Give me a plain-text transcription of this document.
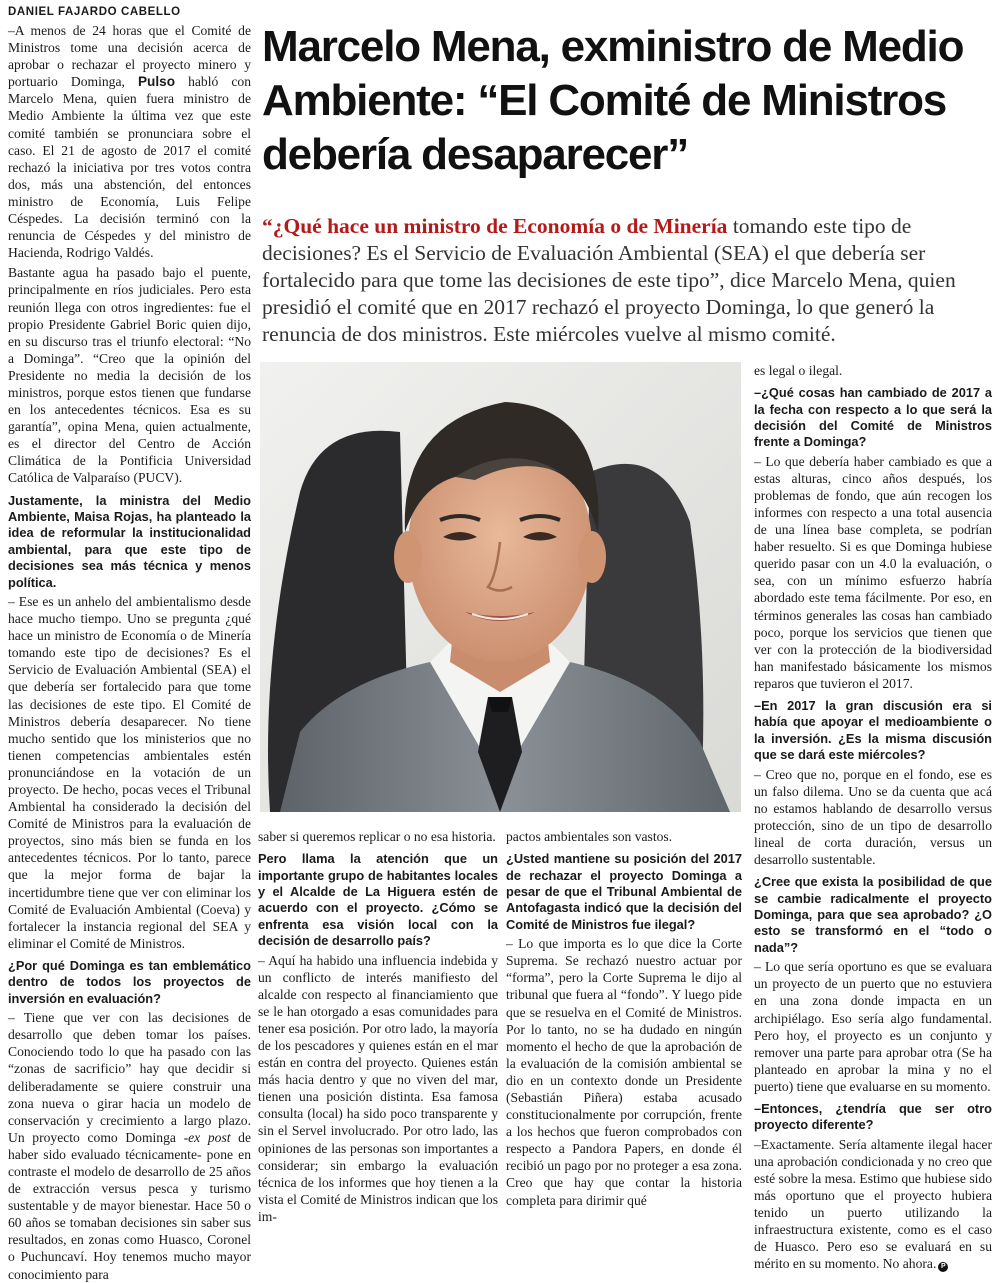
DANIEL FAJARDO CABELLO
Marcelo Mena, exministro de Medio Ambiente: “El Comité de Ministros debería desaparecer”

“¿Qué hace un ministro de Economía o de Minería tomando este tipo de decisiones? Es el Servicio de Evaluación Ambiental (SEA) el que debería ser fortalecido para que tome las decisiones de este tipo”, dice Marcelo Mena, quien presidió el comité que en 2017 rechazó el proyecto Dominga, lo que generó la renuncia de dos ministros. Este miércoles vuelve al mismo comité.

–A menos de 24 horas que el Comité de Ministros tome una decisión acerca de aprobar o rechazar el proyecto minero y portuario Dominga, Pulso habló con Marcelo Mena, quien fuera ministro de Medio Ambiente la última vez que este comité también se pronunciara sobre el caso. El 21 de agosto de 2017 el comité rechazó la iniciativa por tres votos contra dos, más una abstención, del entonces ministro de Economía, Luis Felipe Céspedes. La decisión terminó con la renuncia de Céspedes y del ministro de Hacienda, Rodrigo Valdés.

Bastante agua ha pasado bajo el puente, principalmente en ríos judiciales. Pero esta reunión llega con otros ingredientes: fue el propio Presidente Gabriel Boric quien dijo, en su discurso tras el triunfo electoral: “No a Dominga”. “Creo que la opinión del Presidente no media la decisión de los ministros, porque estos tienen que fundarse en los antecedentes técnicos. Esa es su garantía”, opina Mena, quien actualmente, es el director del Centro de Acción Climática de la Pontificia Universidad Católica de Valparaíso (PUCV).

Justamente, la ministra del Medio Ambiente, Maisa Rojas, ha planteado la idea de reformular la institucionalidad ambiental, para que este tipo de decisiones sea más técnica y menos política.

– Ese es un anhelo del ambientalismo desde hace mucho tiempo. Uno se pregunta ¿qué hace un ministro de Economía o de Minería tomando este tipo de decisiones? Es el Servicio de Evaluación Ambiental (SEA) el que debería ser fortalecido para que tome las decisiones de este tipo. El Comité de Ministros debería desaparecer. No tiene mucho sentido que los ministerios que no tienen competencias ambientales estén pronunciándose en la votación de un proyecto. De hecho, pocas veces el Tribunal Ambiental ha considerado la decisión del Comité de Ministros para la evaluación de proyectos, sino más bien se funda en los antecedentes técnicos. Por lo tanto, parece que la mejor forma de bajar la incertidumbre tiene que ver con eliminar los Comité de Evaluación Ambiental (Coeva) y fortalecer la instancia regional del SEA y eliminar el Comité de Ministros.

¿Por qué Dominga es tan emblemático dentro de todos los proyectos de inversión en evaluación?

– Tiene que ver con las decisiones de desarrollo que deben tomar los países. Conociendo todo lo que ha pasado con las “zonas de sacrificio” hay que decidir si deliberadamente se quiere construir una zona nueva o girar hacia un modelo de conservación y crecimiento a largo plazo. Un proyecto como Dominga -ex post de haber sido evaluado técnicamente- pone en contraste el modelo de desarrollo de 25 años de extracción versus pesca y turismo sustentable y de mayor bienestar. Hace 50 o 60 años se tomaban decisiones sin saber sus resultados, en zonas como Huasco, Coronel o Puchuncaví. Hoy tenemos mucho mayor conocimiento para

saber si queremos replicar o no esa historia.

Pero llama la atención que un importante grupo de habitantes locales y el Alcalde de La Higuera estén de acuerdo con el proyecto. ¿Cómo se enfrenta esa visión local con la decisión de desarrollo país?

– Aquí ha habido una influencia indebida y un conflicto de interés manifiesto del alcalde con respecto al financiamiento que se le han otorgado a esas comunidades para tener esa posición. Por otro lado, la mayoría de los pescadores y quienes están en el mar están en contra del proyecto. Quienes están más hacia dentro y que no viven del mar, tienen una posición distinta. Esa famosa consulta (local) ha sido poco transparente y sin el Servel involucrado. Por otro lado, las opiniones de las personas son importantes a considerar; sin embargo la evaluación técnica de los informes que hoy tienen a la vista el Comité de Ministros indican que los im-

pactos ambientales son vastos.

¿Usted mantiene su posición del 2017 de rechazar el proyecto Dominga a pesar de que el Tribunal Ambiental de Antofagasta indicó que la decisión del Comité de Ministros fue ilegal?

– Lo que importa es lo que dice la Corte Suprema. Se rechazó nuestro actuar por “forma”, pero la Corte Suprema le dijo al tribunal que fuera al “fondo”. Y luego pide que se resuelva en el Comité de Ministros. Por lo tanto, no se ha dudado en ningún momento el hecho de que la aprobación de la evaluación de la comisión ambiental se dio en un contexto donde un Presidente (Sebastián Piñera) estaba acusado constitucionalmente por corrupción, frente a los hechos que fueron comprobados con respecto a Pandora Papers, en donde él recibió un pago por no proteger a esa zona. Creo que hay que contar la historia completa para dirimir qué

es legal o ilegal.

–¿Qué cosas han cambiado de 2017 a la fecha con respecto a lo que será la decisión del Comité de Ministros frente a Dominga?

– Lo que debería haber cambiado es que a estas alturas, cinco años después, los problemas de fondo, que aún recogen los informes con respecto a una total ausencia de una línea base completa, se podrían haber resuelto. Si es que Dominga hubiese querido pasar con un 4.0 la evaluación, o sea, con un mínimo esfuerzo habría abordado este tema fácilmente. Por eso, en términos generales las cosas han cambiado poco, porque los servicios que tienen que ver con la protección de la biodiversidad han manifestado básicamente los mismos reparos que tuvieron el 2017.

–En 2017 la gran discusión era si había que apoyar el medioambiente o la inversión. ¿Es la misma discusión que se dará este miércoles?

– Creo que no, porque en el fondo, ese es un falso dilema. Uno se da cuenta que acá no estamos hablando de desarrollo versus protección, sino de un tipo de desarrollo lineal de corta duración, versus un desarrollo sustentable.

¿Cree que exista la posibilidad de que se cambie radicalmente el proyecto Dominga, para que sea aprobado? ¿O esto se transformó en el “todo o nada”?

– Lo que sería oportuno es que se evaluara un proyecto de un puerto que no estuviera en una zona donde impacta en un archipiélago. Eso sería algo fundamental. Pero hoy, el proyecto es un conjunto y remover una parte para aprobar otra (Se ha planteado en aprobar la mina y no el puerto) tiene que evaluarse en su momento.

–Entonces, ¿tendría que ser otro proyecto diferente?

–Exactamente. Sería altamente ilegal hacer una aprobación condicionada y no creo que esté sobre la mesa. Estimo que hubiese sido más oportuno que el proyecto hubiera tenido un puerto utilizando la infraestructura existente, como es el caso de Huasco. Pero eso se evaluará en su mérito en su momento. No ahora. P
